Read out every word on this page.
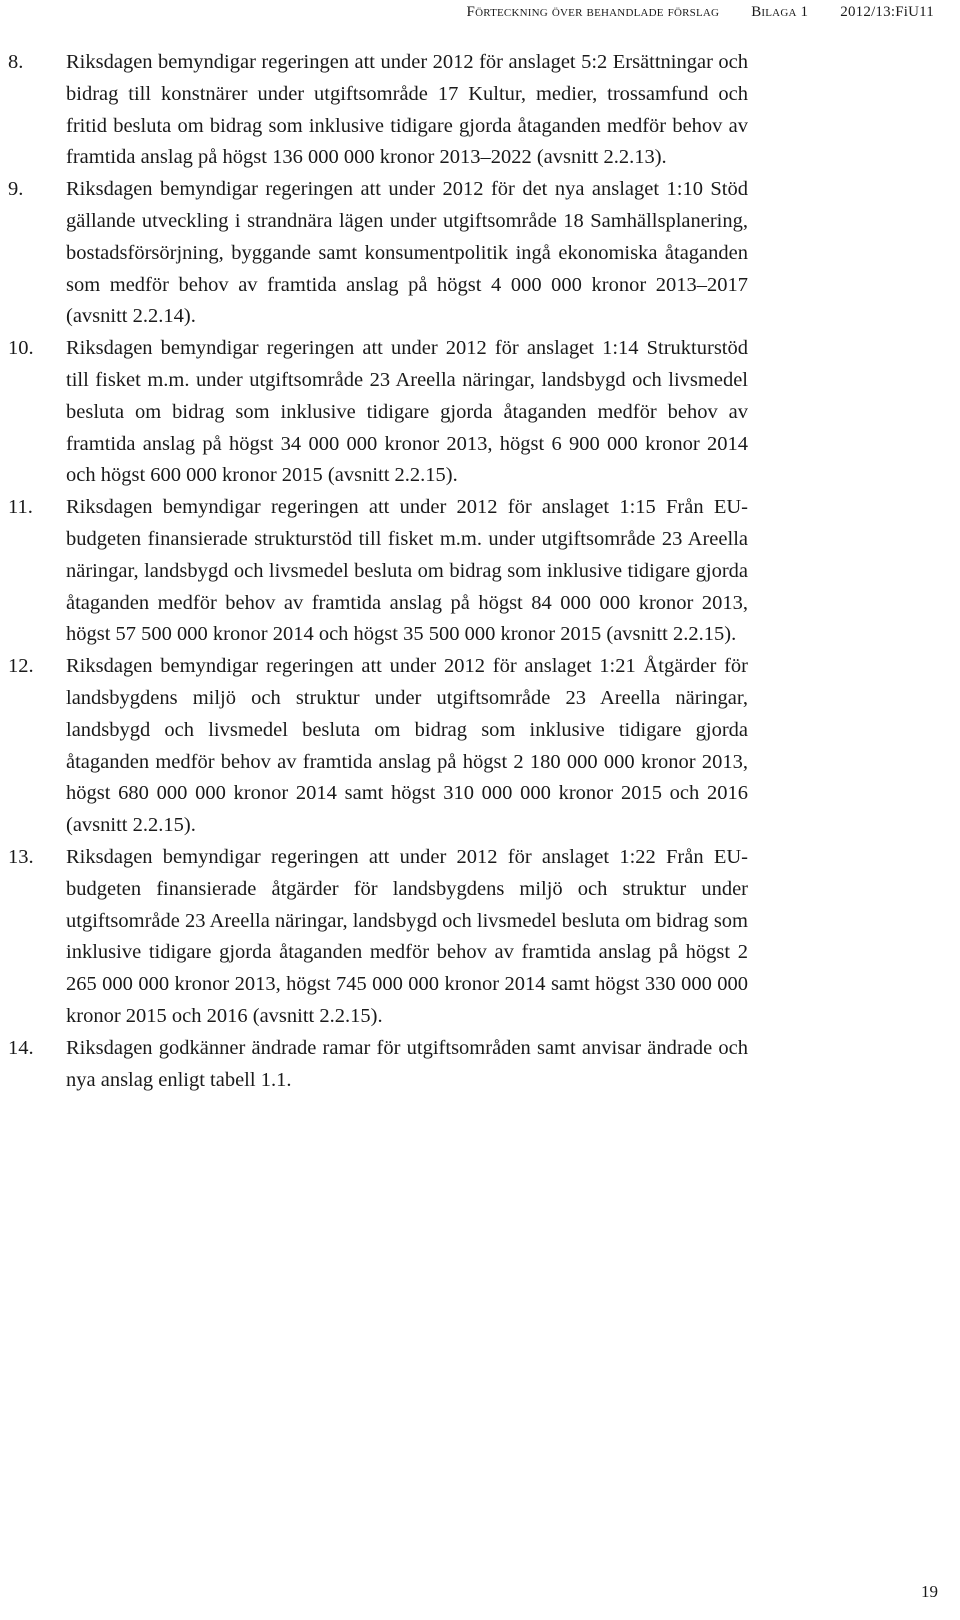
Förteckning över behandlade förslag Bilaga 1 2012/13:FiU11
8.	Riksdagen bemyndigar regeringen att under 2012 för anslaget 5:2 Ersättningar och bidrag till konstnärer under utgiftsområde 17 Kultur, medier, trossamfund och fritid besluta om bidrag som inklusive tidigare gjorda åtaganden medför behov av framtida anslag på högst 136 000 000 kronor 2013–2022 (avsnitt 2.2.13).
9.	Riksdagen bemyndigar regeringen att under 2012 för det nya anslaget 1:10 Stöd gällande utveckling i strandnära lägen under utgiftsområde 18 Samhällsplanering, bostadsförsörjning, byggande samt konsumentpolitik ingå ekonomiska åtaganden som medför behov av framtida anslag på högst 4 000 000 kronor 2013–2017 (avsnitt 2.2.14).
10.	Riksdagen bemyndigar regeringen att under 2012 för anslaget 1:14 Strukturstöd till fisket m.m. under utgiftsområde 23 Areella näringar, landsbygd och livsmedel besluta om bidrag som inklusive tidigare gjorda åtaganden medför behov av framtida anslag på högst 34 000 000 kronor 2013, högst 6 900 000 kronor 2014 och högst 600 000 kronor 2015 (avsnitt 2.2.15).
11.	Riksdagen bemyndigar regeringen att under 2012 för anslaget 1:15 Från EU-budgeten finansierade strukturstöd till fisket m.m. under utgiftsområde 23 Areella näringar, landsbygd och livsmedel besluta om bidrag som inklusive tidigare gjorda åtaganden medför behov av framtida anslag på högst 84 000 000 kronor 2013, högst 57 500 000 kronor 2014 och högst 35 500 000 kronor 2015 (avsnitt 2.2.15).
12.	Riksdagen bemyndigar regeringen att under 2012 för anslaget 1:21 Åtgärder för landsbygdens miljö och struktur under utgiftsområde 23 Areella näringar, landsbygd och livsmedel besluta om bidrag som inklusive tidigare gjorda åtaganden medför behov av framtida anslag på högst 2 180 000 000 kronor 2013, högst 680 000 000 kronor 2014 samt högst 310 000 000 kronor 2015 och 2016 (avsnitt 2.2.15).
13.	Riksdagen bemyndigar regeringen att under 2012 för anslaget 1:22 Från EU-budgeten finansierade åtgärder för landsbygdens miljö och struktur under utgiftsområde 23 Areella näringar, landsbygd och livsmedel besluta om bidrag som inklusive tidigare gjorda åtaganden medför behov av framtida anslag på högst 2 265 000 000 kronor 2013, högst 745 000 000 kronor 2014 samt högst 330 000 000 kronor 2015 och 2016 (avsnitt 2.2.15).
14.	Riksdagen godkänner ändrade ramar för utgiftsområden samt anvisar ändrade och nya anslag enligt tabell 1.1.
19
